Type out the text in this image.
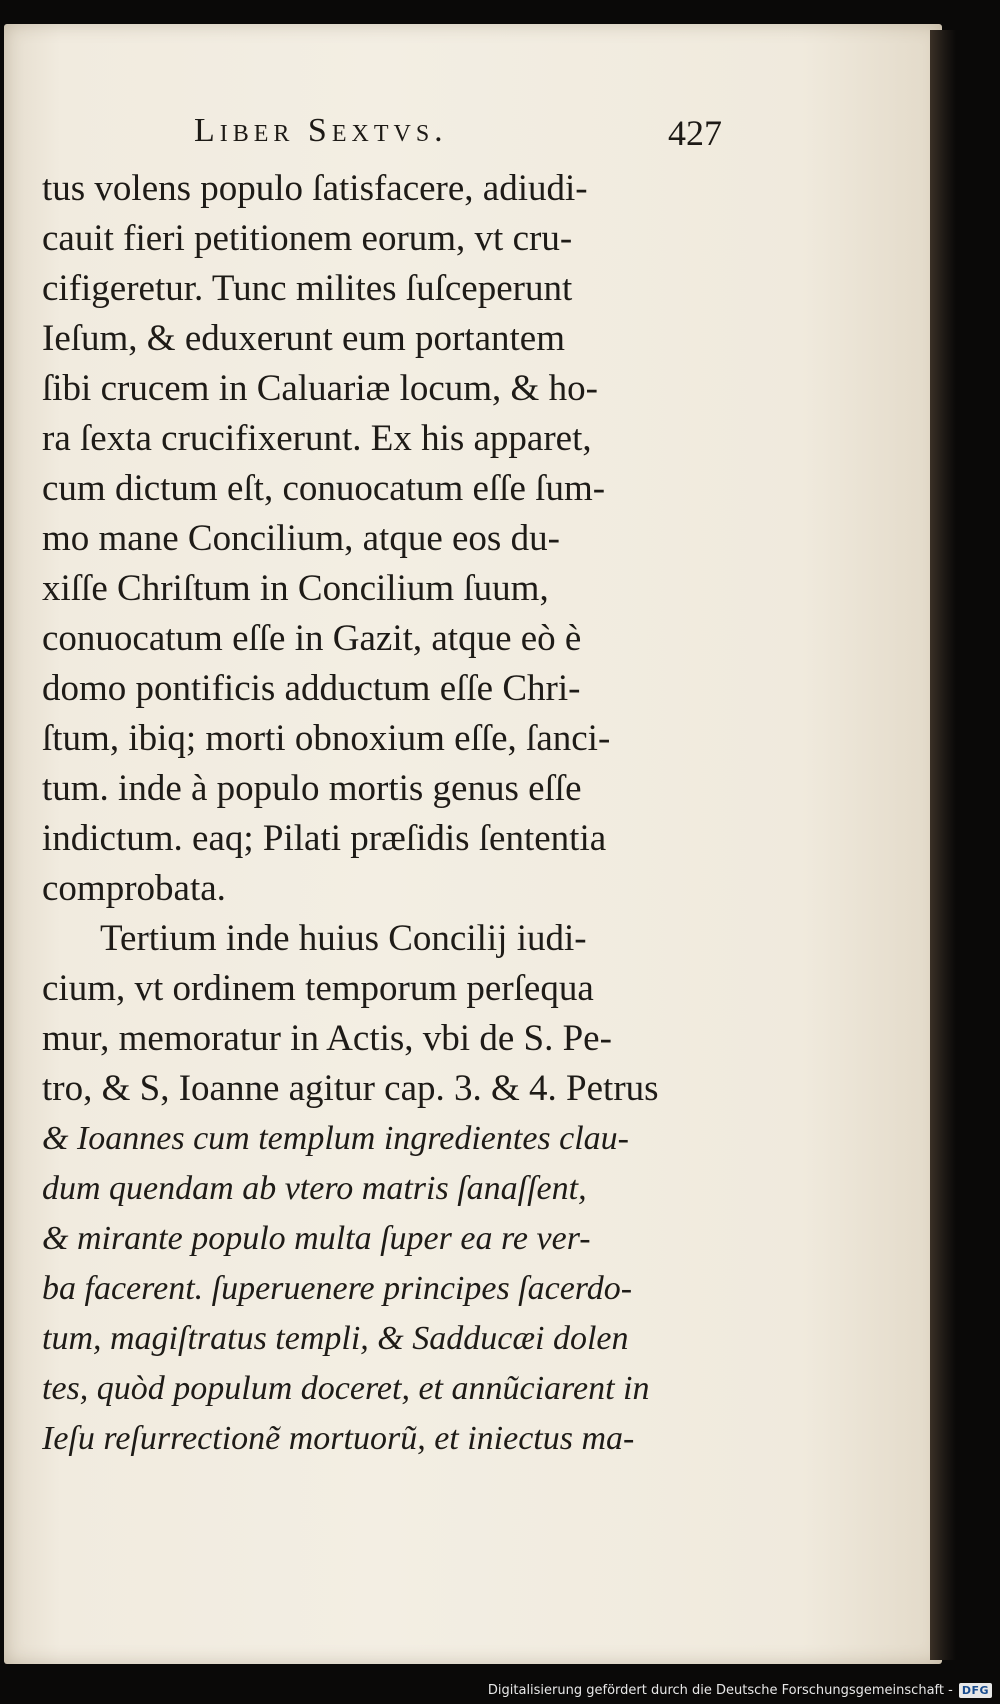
Liber Sextvs.	427
tus volens populo ſatisfacere, adiudi-
cauit fieri petitionem eorum, vt cru-
cifigeretur. Tunc milites ſuſceperunt
Ieſum, & eduxerunt eum portantem
ſibi crucem in Caluariæ locum, & ho-
ra ſexta crucifixerunt. Ex his apparet,
cum dictum eſt, conuocatum eſſe ſum-
mo mane Concilium, atque eos du-
xiſſe Chriſtum in Concilium ſuum,
conuocatum eſſe in Gazit, atque eò è
domo pontificis adductum eſſe Chri-
ſtum, ibiq; morti obnoxium eſſe, ſanci-
tum. inde à populo mortis genus eſſe
indictum. eaq; Pilati præſidis ſententia
comprobata.
Tertium inde huius Concilij iudi-
cium, vt ordinem temporum perſequa
mur, memoratur in Actis, vbi de S. Pe-
tro, & S, Ioanne agitur cap. 3. & 4. Petrus
& Ioannes cum templum ingredientes clau-
dum quendam ab vtero matris ſanaſſent,
& mirante populo multa ſuper ea re ver-
ba facerent. ſuperuenere principes ſacerdo-
tum, magiſtratus templi, & Sadducæi dolen
tes, quòd populum doceret, et annũciarent in
Ieſu reſurrectionẽ mortuorũ, et iniectus ma-
Digitalisierung gefördert durch die Deutsche Forschungsgemeinschaft - DFG
